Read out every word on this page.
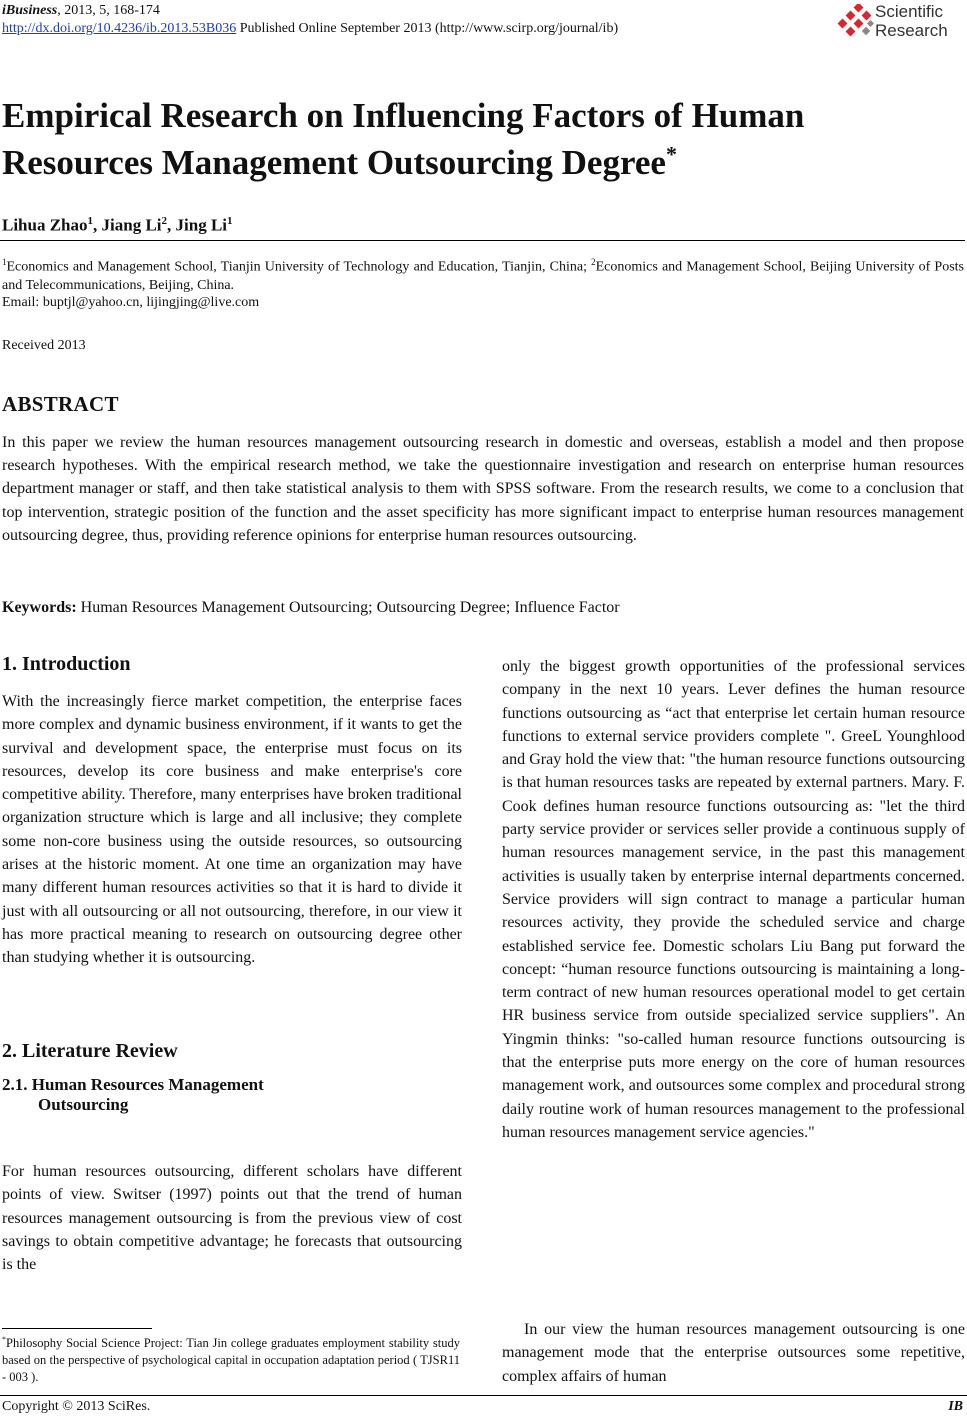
iBusiness, 2013, 5, 168-174
http://dx.doi.org/10.4236/ib.2013.53B036 Published Online September 2013 (http://www.scirp.org/journal/ib)
Scientific
Research
Empirical Research on Influencing Factors of Human
Resources Management Outsourcing Degree*
Lihua Zhao$^1$, Jiang Li$^2$, Jing Li$^1$
$^1$Economics and Management School, Tianjin University of Technology and Education, Tianjin, China; $^2$Economics and Management School, Beijing University of Posts and Telecommunications, Beijing, China.
Email: buptjl@yahoo.cn, lijingjing@live.com
Received 2013
ABSTRACT

In this paper we review the human resources management outsourcing research in domestic and overseas, establish a model and then propose research hypotheses. With the empirical research method, we take the questionnaire investigation and research on enterprise human resources department manager or staff, and then take statistical analysis to them with SPSS software. From the research results, we come to a conclusion that top intervention, strategic position of the function and the asset specificity has more significant impact to enterprise human resources management outsourcing degree, thus, providing reference opinions for enterprise human resources outsourcing.

Keywords: Human Resources Management Outsourcing; Outsourcing Degree; Influence Factor

1. Introduction

With the increasingly fierce market competition, the enterprise faces more complex and dynamic business environment, if it wants to get the survival and development space, the enterprise must focus on its resources, develop its core business and make enterprise's core competitive ability. Therefore, many enterprises have broken traditional organization structure which is large and all inclusive; they complete some non-core business using the outside resources, so outsourcing arises at the historic moment. At one time an organization may have many different human resources activities so that it is hard to divide it just with all outsourcing or all not outsourcing, therefore, in our view it has more practical meaning to research on outsourcing degree other than studying whether it is outsourcing.

2. Literature Review
2.1. Human Resources Management
Outsourcing

For human resources outsourcing, different scholars have different points of view. Switser (1997) points out that the trend of human resources management outsourcing is from the previous view of cost savings to obtain competitive advantage; he forecasts that outsourcing is the

*Philosophy Social Science Project: Tian Jin college graduates employment stability study based on the perspective of psychological capital in occupation adaptation period ( TJSR11 - 003 ).

only the biggest growth opportunities of the professional services company in the next 10 years. Lever defines the human resource functions outsourcing as “act that enterprise let certain human resource functions to external service providers complete ". GreeL Younghlood and Gray hold the view that: "the human resource functions outsourcing is that human resources tasks are repeated by external partners. Mary. F. Cook defines human resource functions outsourcing as: "let the third party service provider or services seller provide a continuous supply of human resources management service, in the past this management activities is usually taken by enterprise internal departments concerned. Service providers will sign contract to manage a particular human resources activity, they provide the scheduled service and charge established service fee. Domestic scholars Liu Bang put forward the concept: “human resource functions outsourcing is maintaining a long-term contract of new human resources operational model to get certain HR business service from outside specialized service suppliers". An Yingmin thinks: "so-called human resource functions outsourcing is that the enterprise puts more energy on the core of human resources management work, and outsources some complex and procedural strong daily routine work of human resources management to the professional human resources management service agencies."

In our view the human resources management outsourcing is one management mode that the enterprise outsources some repetitive, complex affairs of human

Copyright © 2013 SciRes.	IB
